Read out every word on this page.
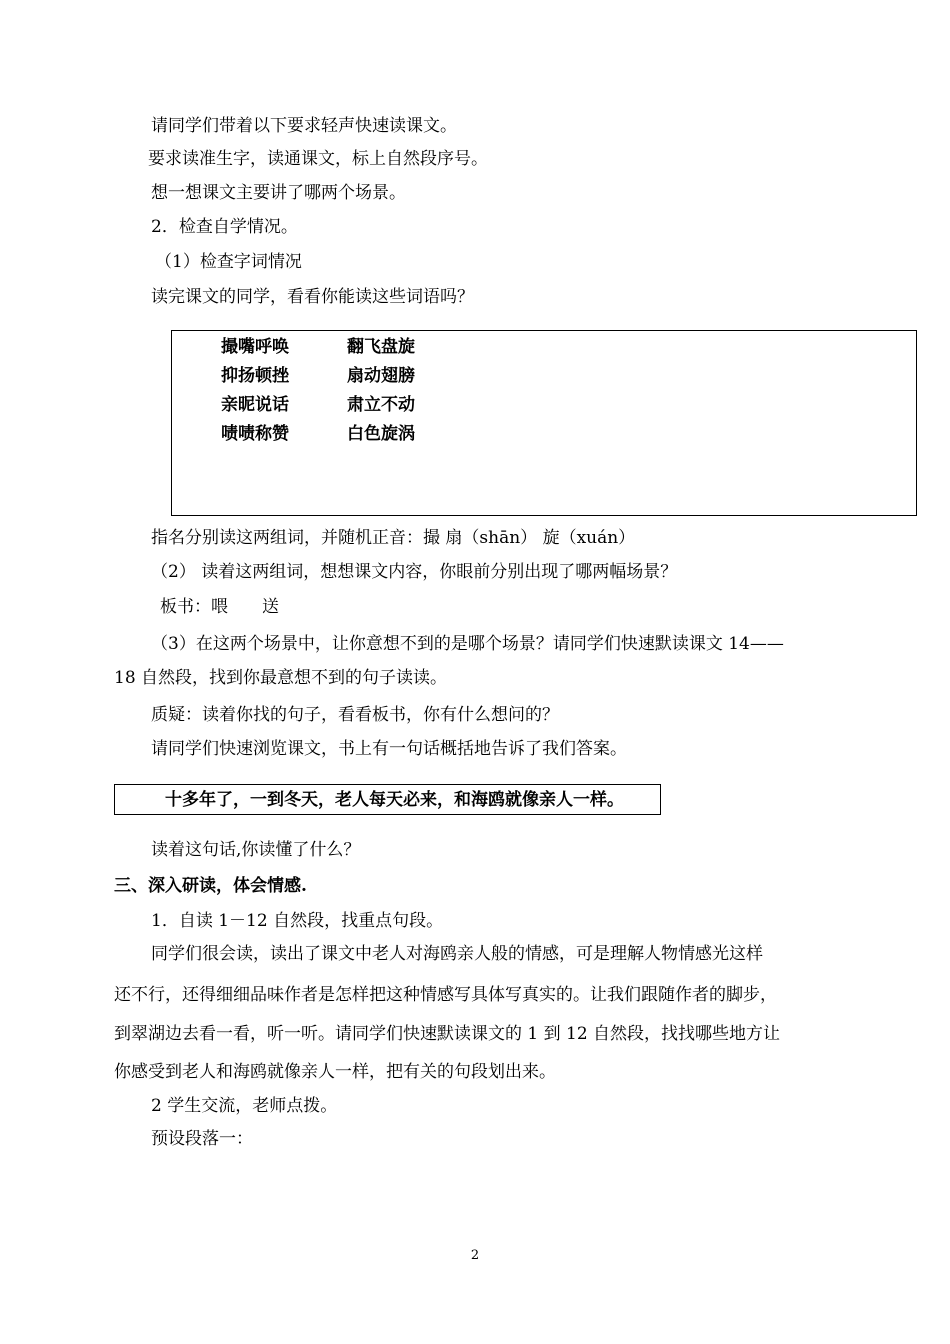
请同学们带着以下要求轻声快速读课文。
要求读准生字，读通课文，标上自然段序号。
想一想课文主要讲了哪两个场景。
2．检查自学情况。
（1）检查字词情况
读完课文的同学，看看你能读这些词语吗？
撮嘴呼唤	翻飞盘旋
抑扬顿挫	扇动翅膀
亲昵说话	肃立不动
啧啧称赞	白色旋涡
指名分别读这两组词，并随机正音：撮 扇（shān） 旋（xuán）
（2） 读着这两组词，想想课文内容，你眼前分别出现了哪两幅场景？
板书：喂　　送
（3）在这两个场景中，让你意想不到的是哪个场景？请同学们快速默读课文 14——
18 自然段，找到你最意想不到的句子读读。
质疑：读着你找的句子，看看板书，你有什么想问的？
请同学们快速浏览课文，书上有一句话概括地告诉了我们答案。
十多年了，一到冬天，老人每天必来，和海鸥就像亲人一样。
读着这句话,你读懂了什么？
三、深入研读，体会情感.
1．自读 1－12 自然段，找重点句段。
同学们很会读，读出了课文中老人对海鸥亲人般的情感，可是理解人物情感光这样
还不行，还得细细品味作者是怎样把这种情感写具体写真实的。让我们跟随作者的脚步，
到翠湖边去看一看，听一听。请同学们快速默读课文的 1 到 12 自然段，找找哪些地方让
你感受到老人和海鸥就像亲人一样，把有关的句段划出来。
2 学生交流，老师点拨。
预设段落一：
2
